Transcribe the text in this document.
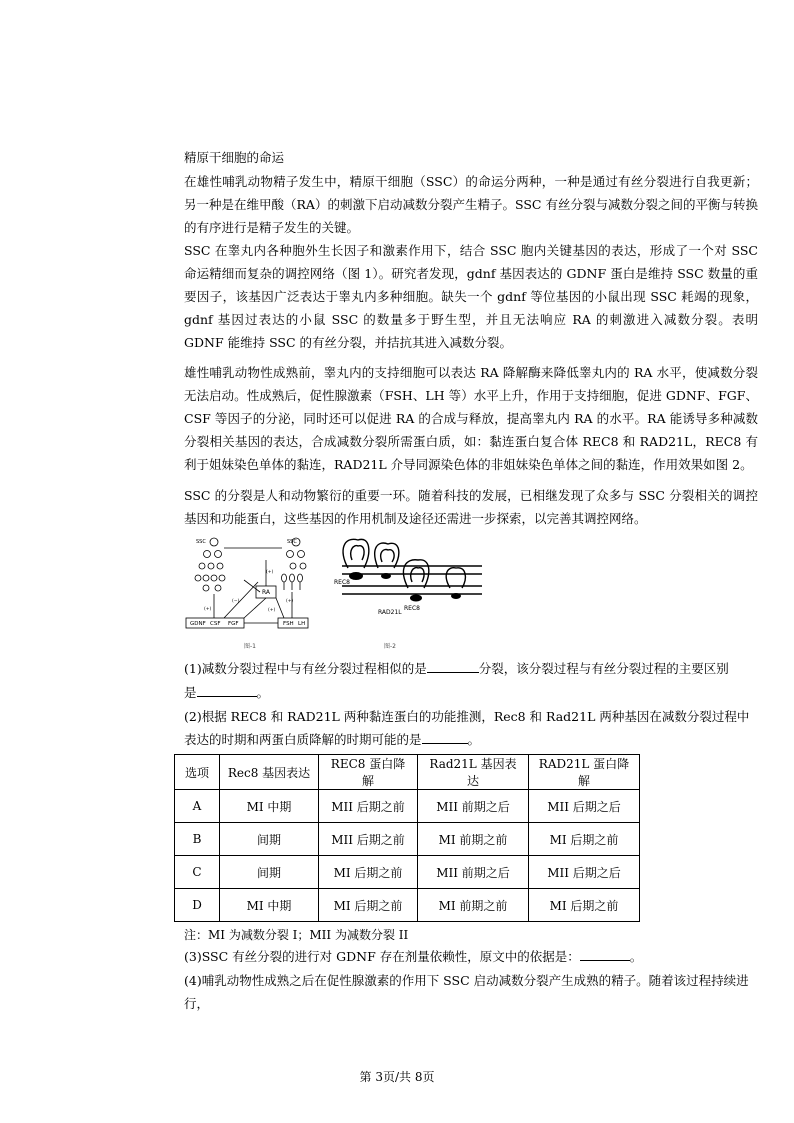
精原干细胞的命运

在雄性哺乳动物精子发生中，精原干细胞（SSC）的命运分两种，一种是通过有丝分裂进行自我更新；另一种是在维甲酸（RA）的刺激下启动减数分裂产生精子。SSC 有丝分裂与减数分裂之间的平衡与转换的有序进行是精子发生的关键。

SSC 在睾丸内各种胞外生长因子和激素作用下，结合 SSC 胞内关键基因的表达，形成了一个对 SSC 命运精细而复杂的调控网络（图 1）。研究者发现，gdnf 基因表达的 GDNF 蛋白是维持 SSC 数量的重要因子，该基因广泛表达于睾丸内多种细胞。缺失一个 gdnf 等位基因的小鼠出现 SSC 耗竭的现象，gdnf 基因过表达的小鼠 SSC 的数量多于野生型，并且无法响应 RA 的刺激进入减数分裂。表明 GDNF 能维持 SSC 的有丝分裂，并拮抗其进入减数分裂。

雄性哺乳动物性成熟前，睾丸内的支持细胞可以表达 RA 降解酶来降低睾丸内的 RA 水平，使减数分裂无法启动。性成熟后，促性腺激素（FSH、LH 等）水平上升，作用于支持细胞，促进 GDNF、FGF、CSF 等因子的分泌，同时还可以促进 RA 的合成与释放，提高睾丸内 RA 的水平。RA 能诱导多种减数分裂相关基因的表达，合成减数分裂所需蛋白质，如：黏连蛋白复合体 REC8 和 RAD21L，REC8 有利于姐妹染色单体的黏连，RAD21L 介导同源染色体的非姐妹染色单体之间的黏连，作用效果如图 2。

SSC 的分裂是人和动物繁衍的重要一环。随着科技的发展，已相继发现了众多与 SSC 分裂相关的调控基因和功能蛋白，这些基因的作用机制及途径还需进一步探索，以完善其调控网络。

SSC	SSC
GDNF CSF FGF
RA
FSH LH
(+)
(−)
(+)
(+)
(+)
图-1
REC8
RAD21L
REC8
图-2

(1)减数分裂过程中与有丝分裂过程相似的是	分裂，该分裂过程与有丝分裂过程的主要区别

是	。

(2)根据 REC8 和 RAD21L 两种黏连蛋白的功能推测，Rec8 和 Rad21L 两种基因在减数分裂过程中表达的时期和两蛋白质降解的时期可能的是	。

选项	Rec8 基因表达	REC8 蛋白降解	Rad21L 基因表达	RAD21L 蛋白降解
A	MI 中期	MII 后期之前	MII 前期之后	MII 后期之后
B	间期	MII 后期之前	MI 前期之前	MI 后期之前
C	间期	MI 后期之前	MII 前期之后	MII 后期之后
D	MI 中期	MI 后期之前	MI 前期之前	MI 后期之前
注：MI 为减数分裂 I；MII 为减数分裂 II

(3)SSC 有丝分裂的进行对 GDNF 存在剂量依赖性，原文中的依据是：	。

(4)哺乳动物性成熟之后在促性腺激素的作用下 SSC 启动减数分裂产生成熟的精子。随着该过程持续进行，

第 3页/共 8页
